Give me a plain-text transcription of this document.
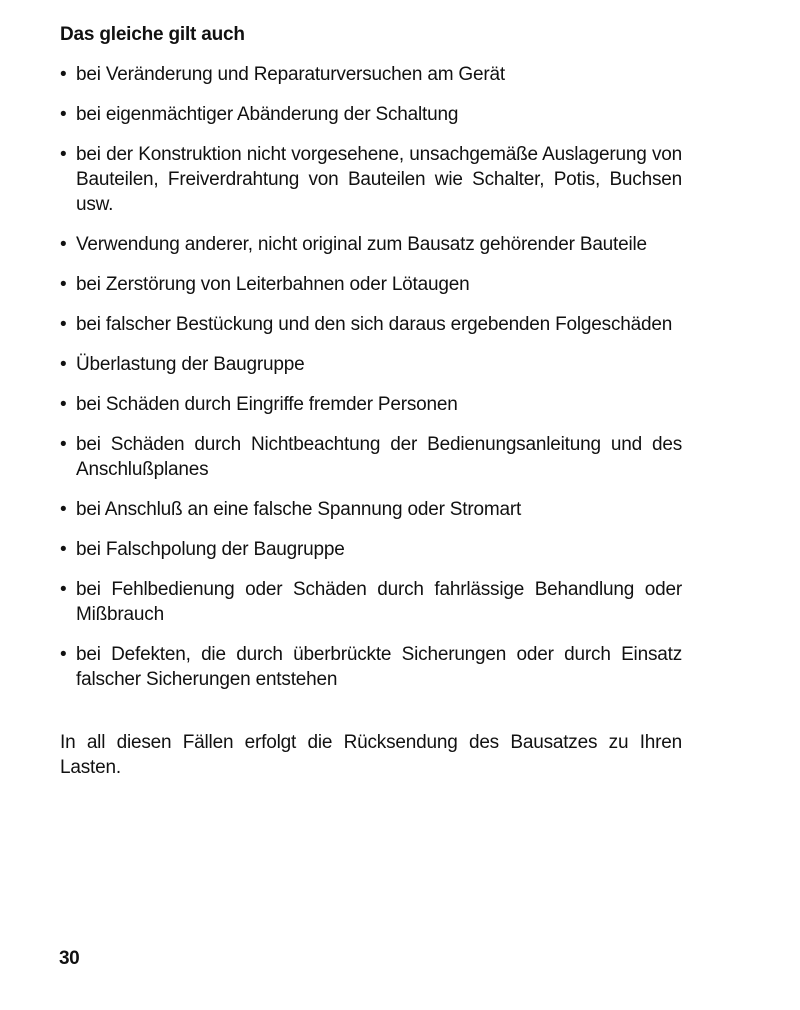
Das gleiche gilt auch
• bei Veränderung und Reparaturversuchen am Gerät
• bei eigenmächtiger Abänderung der Schaltung
• bei der Konstruktion nicht vorgesehene, unsachgemäße Auslagerung von Bauteilen, Freiverdrahtung von Bauteilen wie Schalter, Potis, Buchsen usw.
• Verwendung anderer, nicht original zum Bausatz gehörender Bauteile
• bei Zerstörung von Leiterbahnen oder Lötaugen
• bei falscher Bestückung und den sich daraus ergebenden Folgeschäden
• Überlastung der Baugruppe
• bei Schäden durch Eingriffe fremder Personen
• bei Schäden durch Nichtbeachtung der Bedienungsanleitung und des Anschlußplanes
• bei Anschluß an eine falsche Spannung oder Stromart
• bei Falschpolung der Baugruppe
• bei Fehlbedienung oder Schäden durch fahrlässige Behandlung oder Mißbrauch
• bei Defekten, die durch überbrückte Sicherungen oder durch Einsatz falscher Sicherungen entstehen

In all diesen Fällen erfolgt die Rücksendung des Bausatzes zu Ihren Lasten.

30
